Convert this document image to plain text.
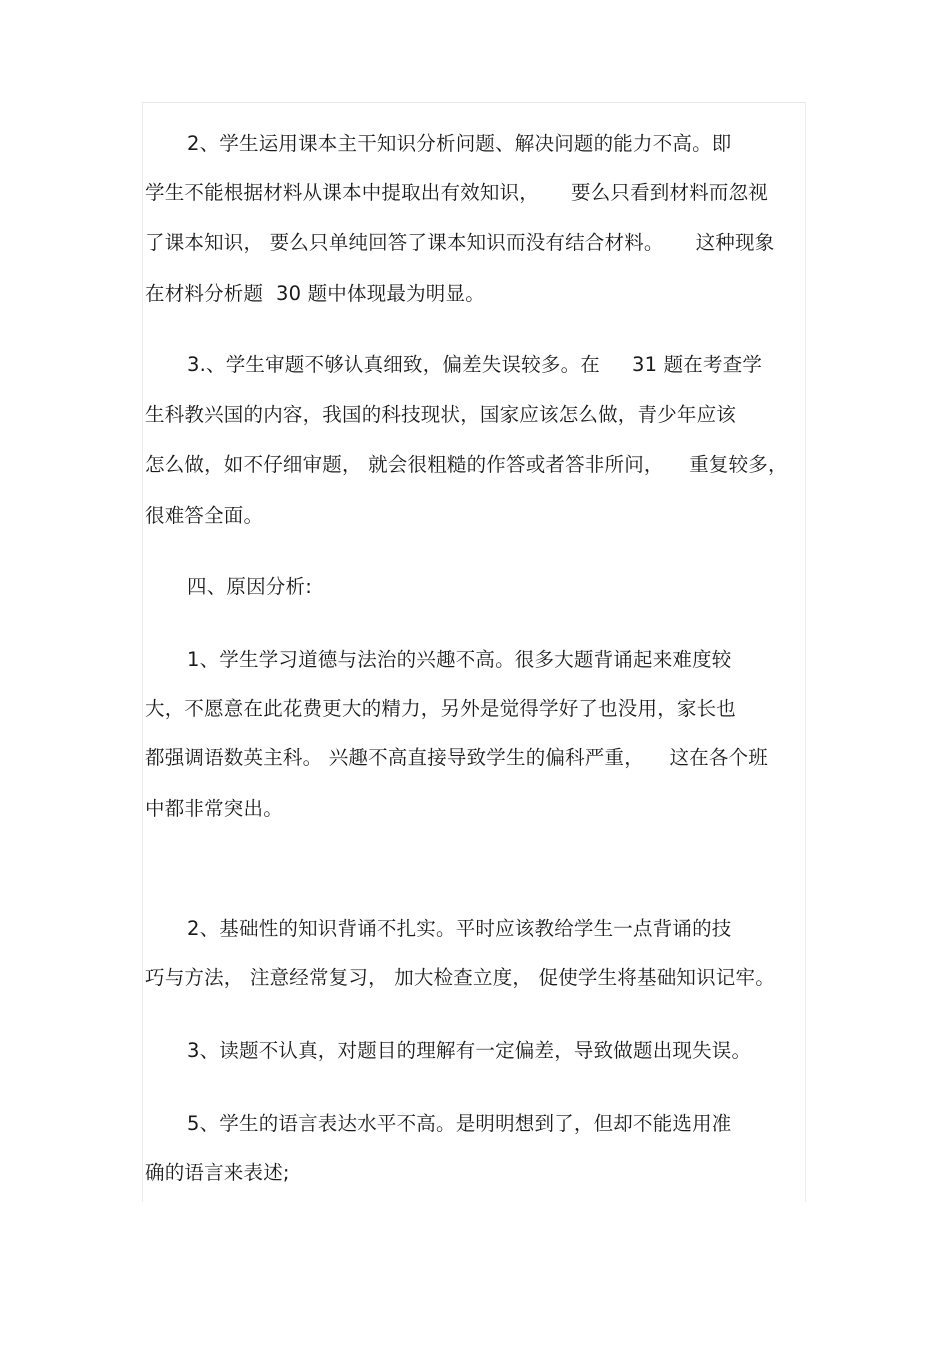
2、学生运用课本主干知识分析问题、解决问题的能力不高。即
学生不能根据材料从课本中提取出有效知识，     要么只看到材料而忽视
了课本知识， 要么只单纯回答了课本知识而没有结合材料。     这种现象
在材料分析题  30 题中体现最为明显。
3.、学生审题不够认真细致，偏差失误较多。在     31 题在考查学
生科教兴国的内容，我国的科技现状，国家应该怎么做，青少年应该
怎么做，如不仔细审题， 就会很粗糙的作答或者答非所问，    重复较多，
很难答全面。
四、原因分析:
1、学生学习道德与法治的兴趣不高。很多大题背诵起来难度较
大，不愿意在此花费更大的精力，另外是觉得学好了也没用，家长也
都强调语数英主科。 兴趣不高直接导致学生的偏科严重，    这在各个班
中都非常突出。
2、基础性的知识背诵不扎实。平时应该教给学生一点背诵的技
巧与方法， 注意经常复习， 加大检查立度， 促使学生将基础知识记牢。
3、读题不认真，对题目的理解有一定偏差，导致做题出现失误。
5、学生的语言表达水平不高。是明明想到了，但却不能选用准
确的语言来表述;
